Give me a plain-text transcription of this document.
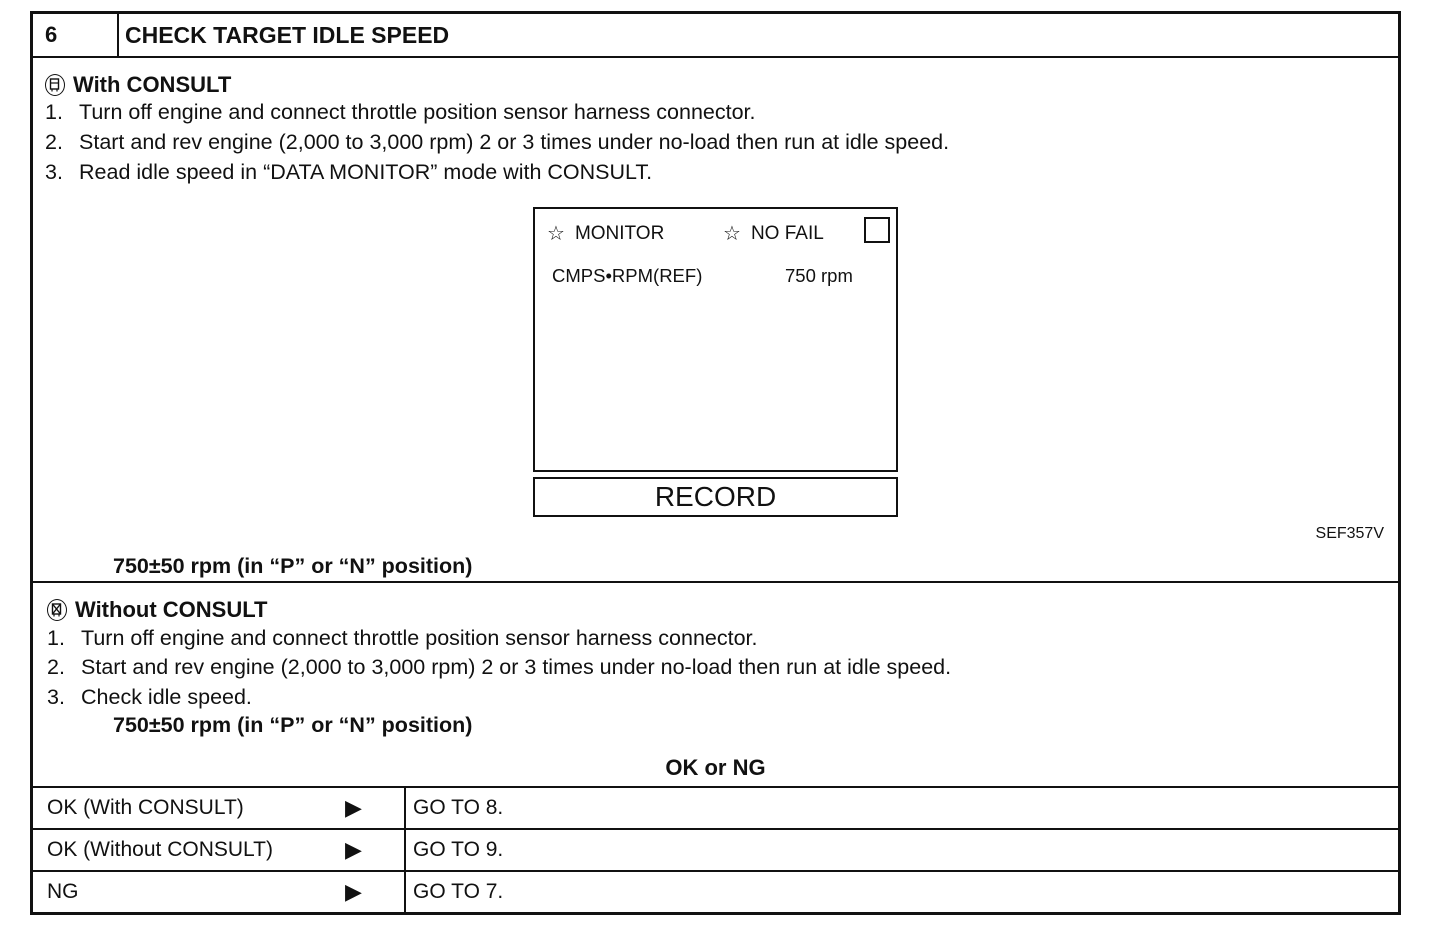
6	CHECK TARGET IDLE SPEED
With CONSULT
1. Turn off engine and connect throttle position sensor harness connector.
2. Start and rev engine (2,000 to 3,000 rpm) 2 or 3 times under no-load then run at idle speed.
3. Read idle speed in “DATA MONITOR” mode with CONSULT.
☆ MONITOR	☆ NO FAIL
CMPS•RPM(REF)	750 rpm
RECORD
SEF357V
750±50 rpm (in “P” or “N” position)
Without CONSULT
1. Turn off engine and connect throttle position sensor harness connector.
2. Start and rev engine (2,000 to 3,000 rpm) 2 or 3 times under no-load then run at idle speed.
3. Check idle speed.
750±50 rpm (in “P” or “N” position)
OK or NG
OK (With CONSULT)	▶ GO TO 8.
OK (Without CONSULT)	▶ GO TO 9.
NG	▶ GO TO 7.
